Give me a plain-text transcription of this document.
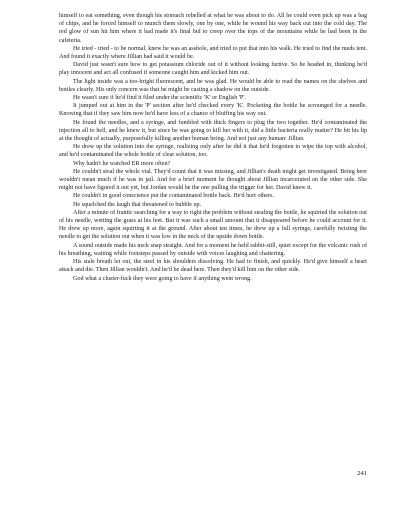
himself to eat something, even though his stomach rebelled at what he was about to do. All he could even pick up was a bag of chips, and he forced himself to munch them slowly, one by one, while he wound his way back out into the cold day. The red glow of sun hit him where it had made it's final bid to creep over the tops of the mountains while he had been in the cafeteria.

He tried - tried - to be normal, knew he was an asshole, and tried to put that into his walk. He tried to find the meds tent. And found it exactly where Jillian had said it would be.

David just wasn't sure how to get potassium chloride out of it without looking furtive. So he headed in, thinking he'd play innocent and act all confused if someone caught him and kicked him out.

The light inside was a too-bright fluorescent, and he was glad. He would be able to read the names on the shelves and bottles clearly. His only concern was that he might be casting a shadow on the outside.

He wasn't sure if he'd find it filed under the scientific 'K' or English 'P'.

It jumped out at him in the 'P' section after he'd checked every 'K'. Pocketing the bottle he scrounged for a needle. Knowing that if they saw him now he'd have less of a chance of bluffing his way out.

He found the needles, and a syringe, and fumbled with thick fingers to plug the two together. He'd contaminated the injection all to hell, and he knew it, but since he was going to kill her with it, did a little bacteria really matter? He bit his lip at the thought of actually, purposefully killing another human being. And not just any human: Jillian.

He drew up the solution into the syringe, realizing only after he did it that he'd forgotten to wipe the top with alcohol, and he'd contaminated the whole bottle of clear solution, too.

Why hadn't he watched ER more often?

He couldn't steal the whole vial. They'd count that it was missing, and Jillian's death might get investigated. Being here wouldn't mean much if he was in jail. And for a brief moment he thought about Jillian incarcerated on the other side. She might not have figured it out yet, but Jordan would be the one pulling the trigger for her. David knew it.

He couldn't in good conscience put the contaminated bottle back. He'd hurt others.

He squelched the laugh that threatened to bubble up.

After a minute of frantic searching for a way to right the problem without stealing the bottle, he squirted the solution out of his needle, wetting the grass at his feet. But it was such a small amount that it disappeared before he could account for it. He drew up more, again squirting it at the ground. After about ten times, he drew up a full syringe, carefully twisting the needle to get the solution out when it was low in the neck of the upside down bottle.

A sound outside made his neck snap straight. And for a moment he held rabbit-still, quiet except for the volcanic rush of his breathing, waiting while footsteps passed by outside with voices laughing and chattering.

His stale breath let out, the steel in his shoulders dissolving. He had to finish, and quickly. He'd give himself a heart attack and die. Then Jillian wouldn't. And he'd be dead here. Then they'd kill him on the other side.

God what a cluster-fuck they were going to have if anything went wrong.

241
